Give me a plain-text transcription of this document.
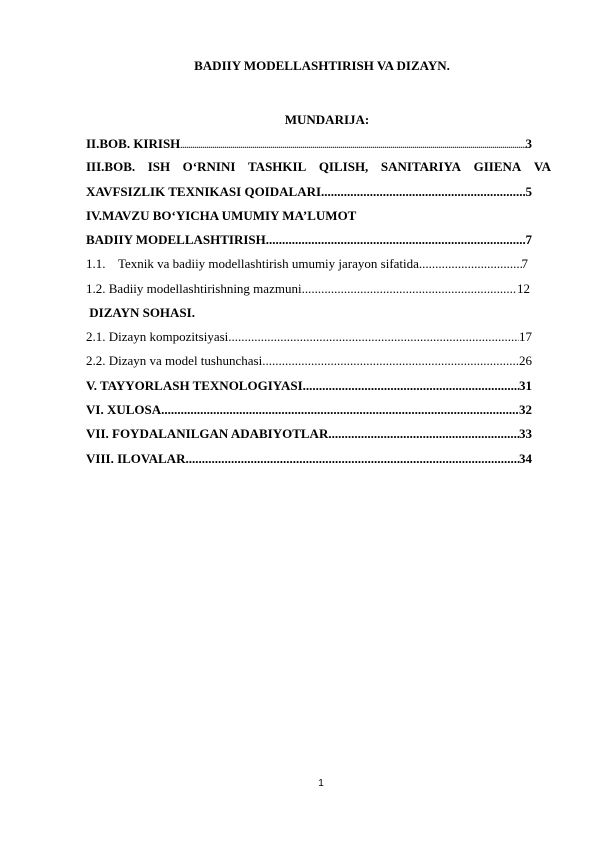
BADIIY MODELLASHTIRISH VA DIZAYN.

MUNDARIJA:

3
II.BOB. KIRISH .....
III.BOB. ISH O‘RNINI TASHKIL QILISH, SANITARIYA GIIENA VA
5
XAVFSIZLIK TEXNIKASI QOIDALARI .....
IV.MAVZU BO‘YICHA UMUMIY MA’LUMOT
7
BADIIY MODELLASHTIRISH .....
7
1.1. Texnik va badiiy modellashtirish umumiy jarayon sifatida .....
12
1.2. Badiiy modellashtirishning mazmuni .....
DIZAYN SOHASI.
17
2.1. Dizayn kompozitsiyasi .....
26
2.2. Dizayn va model tushunchasi .....
31
V. TAYYORLASH TEXNOLOGIYASI .....
32
VI. XULOSA .....
33
VII. FOYDALANILGAN ADABIYOTLAR .....
34
VIII. ILOVALAR .....
1
